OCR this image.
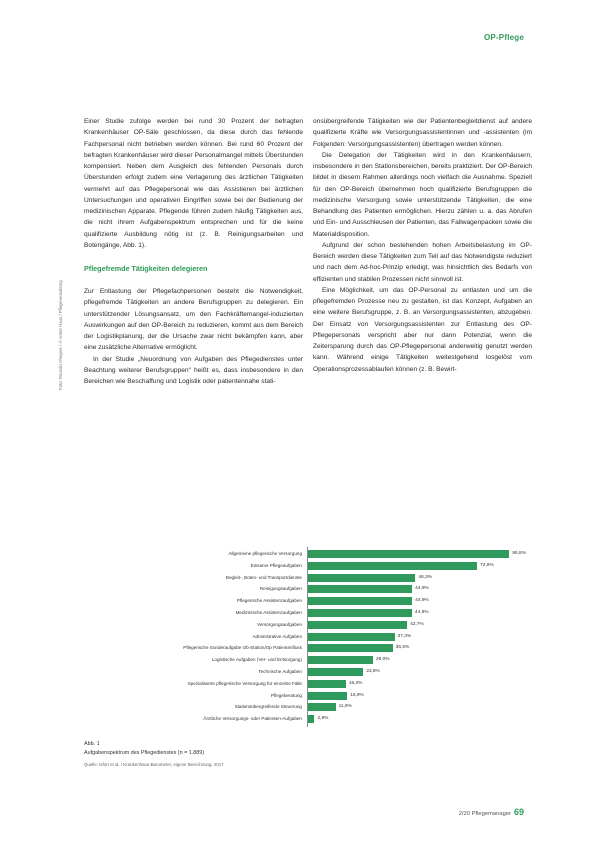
OP-Pflege
Foto: Ricardo Wiegner / © Anton Haus / Pflegeverwaltung

Einer Studie zufolge werden bei rund 30 Prozent der befragten Krankenhäuser OP-Säle geschlossen, da diese durch das fehlende Fachpersonal nicht betrieben werden können. Bei rund 60 Prozent der befragten Krankenhäuser wird dieser Personalmangel mittels Überstunden kompensiert. Neben dem Ausgleich des fehlenden Personals durch Überstunden erfolgt zudem eine Verlagerung des ärztlichen Tätigkeiten vermehrt auf das Pflegepersonal wie das Assistieren bei ärztlichen Untersuchungen und operativen Eingriffen sowie bei der Bedienung der medizinischen Apparate. Pflegende führen zudem häufig Tätigkeiten aus, die nicht ihrem Aufgabenspektrum entsprechen und für die keine qualifizierte Ausbildung nötig ist (z. B. Reinigungsarbeiten und Botengänge, Abb. 1).

Pflegefremde Tätigkeiten delegieren

Zur Entlastung der Pflegefachpersonen besteht die Notwendigkeit, pflegefremde Tätigkeiten an andere Berufsgruppen zu delegieren. Ein unterstützender Lösungsansatz, um den Fachkräftemangel-induzierten Auswirkungen auf den OP-Bereich zu reduzieren, kommt aus dem Bereich der Logistikplanung, der die Ursache zwar nicht bekämpfen kann, aber eine zusätzliche Alternative ermöglicht.

In der Studie „Neuordnung von Aufgaben des Pflegedienstes unter Beachtung weiterer Berufsgruppen“ heißt es, dass insbesondere in den Bereichen wie Beschaffung und Logistik oder patientennahe stati-

onsübergreifende Tätigkeiten wie der Patientenbegleitdienst auf andere qualifizierte Kräfte wie Versorgungsassistentinnen und -assistenten (im Folgenden: Versorgungsassistenten) übertragen werden können.

Die Delegation der Tätigkeiten wird in den Krankenhäusern, insbesondere in den Stationsbereichen, bereits praktiziert. Der OP-Bereich bildet in diesem Rahmen allerdings noch vielfach die Ausnahme. Speziell für den OP-Bereich übernehmen hoch qualifizierte Berufsgruppen die medizinische Versorgung sowie unterstützende Tätigkeiten, die eine Behandlung des Patienten ermöglichen. Hierzu zählen u. a. das Abrufen und Ein- und Ausschleusen der Patienten, das Fallwagenpacken sowie die Materialdisposition.

Aufgrund der schon bestehenden hohen Arbeitsbelastung im OP-Bereich werden diese Tätigkeiten zum Teil auf das Notwendigste reduziert und nach dem Ad-hoc-Prinzip erledigt, was hinsichtlich des Bedarfs von effizienten und stabilen Prozessen nicht sinnvoll ist.

Eine Möglichkeit, um das OP-Personal zu entlasten und um die pflegefremden Prozesse neu zu gestalten, ist das Konzept, Aufgaben an eine weitere Berufsgruppe, z. B. an Versorgungsassistenten, abzugeben. Der Einsatz von Versorgungsassistenten zur Entlastung des OP-Pflegepersonals verspricht aber nur dann Potenzial, wenn die Zeitersparung durch das OP-Pflegepersonal anderweitig genutzt werden kann. Während einige Tätigkeiten weitestgehend losgelöst vom Operationsprozessablaufen können (z. B. Bewirt-

Allgemeine pflegerische Versorgung	86,8%
Einsame Pflegeaufgaben	72,9%
Begleit-, Boten- und Transportdienste	46,3%
Reinigungsaufgaben	44,9%
Pflegerische Assistenzaufgaben	44,9%
Medizinische Assistenzaufgaben	44,8%
Versorgungsaufgaben	42,7%
Administrative Aufgaben	37,3%
Pflegerische Sonderaufgabe Ob-Station/Op Patientenfluss	36,5%
Logistische Aufgaben (Ver- und Entsorgung)	28,0%
Technische Aufgaben	23,8%
Spezialisierte pflegerische Versorgung für einzelne Fälle	16,3%
Pflegeberatung	16,9%
Stationsübergreifende Steuerung	11,9%
Ärztliche Versorgungs- oder Patienten-Aufgaben	2,8%
Abb. 1
Aufgabenspektrum des Pflegedienstes (n = 1.889)
Quelle: Isfort et al. / Krankenhaus-Barometer, eigene Berechnung, 2017
2/20 Pflegemanager 69
